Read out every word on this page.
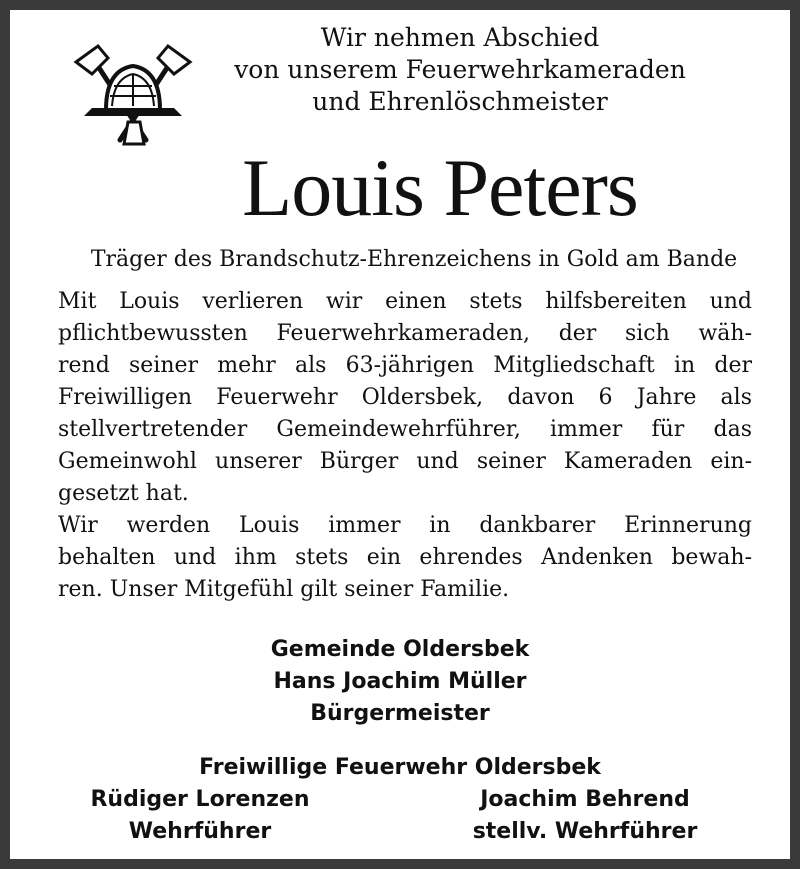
Wir nehmen Abschied
von unserem Feuerwehrkameraden
und Ehrenlöschmeister
Louis Peters
Träger des Brandschutz-Ehrenzeichens in Gold am Bande
Mit Louis verlieren wir einen stets hilfsbereiten und
pflichtbewussten Feuerwehrkameraden, der sich wäh-
rend seiner mehr als 63-jährigen Mitgliedschaft in der
Freiwilligen Feuerwehr Oldersbek, davon 6 Jahre als
stellvertretender Gemeindewehrführer, immer für das
Gemeinwohl unserer Bürger und seiner Kameraden ein-
gesetzt hat.
Wir werden Louis immer in dankbarer Erinnerung
behalten und ihm stets ein ehrendes Andenken bewah-
ren. Unser Mitgefühl gilt seiner Familie.
Gemeinde Oldersbek
Hans Joachim Müller
Bürgermeister
Freiwillige Feuerwehr Oldersbek
Rüdiger Lorenzen
Wehrführer
Joachim Behrend
stellv. Wehrführer
